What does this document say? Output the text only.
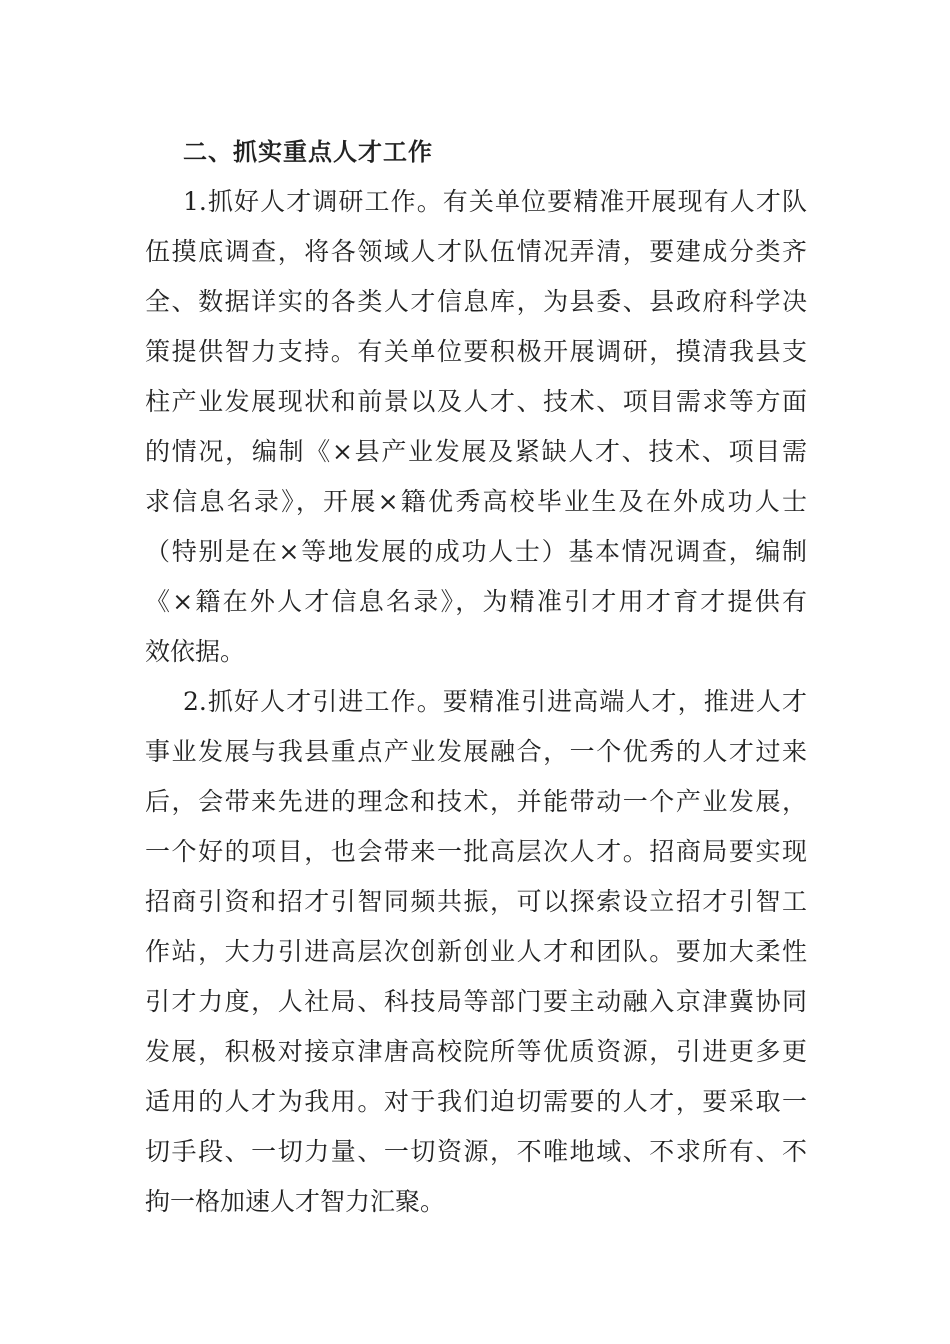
二、抓实重点人才工作

1.抓好人才调研工作。有关单位要精准开展现有人才队
伍摸底调查，将各领域人才队伍情况弄清，要建成分类齐
全、数据详实的各类人才信息库，为县委、县政府科学决
策提供智力支持。有关单位要积极开展调研，摸清我县支
柱产业发展现状和前景以及人才、技术、项目需求等方面
的情况，编制《×县产业发展及紧缺人才、技术、项目需
求信息名录》，开展×籍优秀高校毕业生及在外成功人士
（特别是在×等地发展的成功人士）基本情况调查，编制
《×籍在外人才信息名录》，为精准引才用才育才提供有
效依据。

2.抓好人才引进工作。要精准引进高端人才，推进人才
事业发展与我县重点产业发展融合，一个优秀的人才过来
后，会带来先进的理念和技术，并能带动一个产业发展，
一个好的项目，也会带来一批高层次人才。招商局要实现
招商引资和招才引智同频共振，可以探索设立招才引智工
作站，大力引进高层次创新创业人才和团队。要加大柔性
引才力度，人社局、科技局等部门要主动融入京津冀协同
发展，积极对接京津唐高校院所等优质资源，引进更多更
适用的人才为我用。对于我们迫切需要的人才，要采取一
切手段、一切力量、一切资源，不唯地域、不求所有、不
拘一格加速人才智力汇聚。
